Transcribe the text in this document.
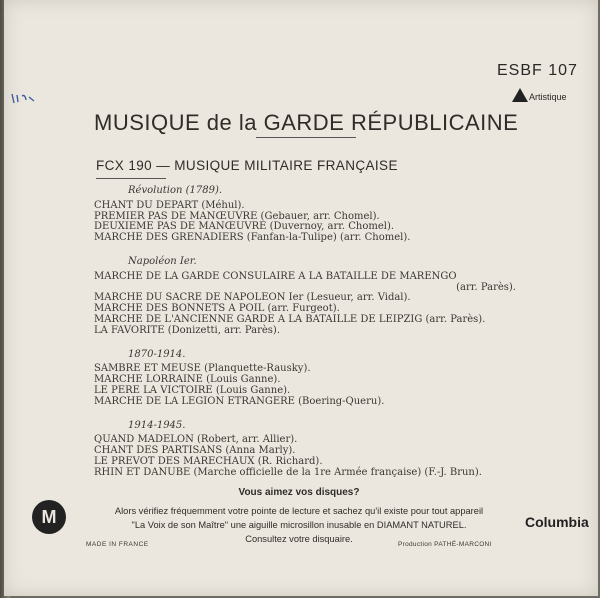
ESBF 107
Artistique
MUSIQUE de la GARDE RÉPUBLICAINE
FCX 190 — MUSIQUE MILITAIRE FRANÇAISE
Révolution (1789).
CHANT DU DEPART (Méhul).
PREMIER PAS DE MANŒUVRE (Gebauer, arr. Chomel).
DEUXIEME PAS DE MANŒUVRE (Duvernoy, arr. Chomel).
MARCHE DES GRENADIERS (Fanfan-la-Tulipe) (arr. Chomel).
Napoléon Ier.
MARCHE DE LA GARDE CONSULAIRE A LA BATAILLE DE MARENGO
(arr. Parès).
MARCHE DU SACRE DE NAPOLEON Ier (Lesueur, arr. Vidal).
MARCHE DES BONNETS A POIL (arr. Furgeot).
MARCHE DE L'ANCIENNE GARDE A LA BATAILLE DE LEIPZIG (arr. Parès).
LA FAVORITE (Donizetti, arr. Parès).
1870-1914.
SAMBRE ET MEUSE (Planquette-Rausky).
MARCHE LORRAINE (Louis Ganne).
LE PERE LA VICTOIRE (Louis Ganne).
MARCHE DE LA LEGION ETRANGERE (Boering-Queru).
1914-1945.
QUAND MADELON (Robert, arr. Allier).
CHANT DES PARTISANS (Anna Marly).
LE PREVOT DES MARECHAUX (R. Richard).
RHIN ET DANUBE (Marche officielle de la 1re Armée française) (F.-J. Brun).
M
Vous aimez vos disques?
Alors vérifiez fréquemment votre pointe de lecture et sachez qu'il existe pour tout appareil
"La Voix de son Maître" une aiguille microsillon inusable en DIAMANT NATUREL.
Consultez votre disquaire.
Columbia
MADE IN FRANCE	Production PATHÉ-MARCONI
